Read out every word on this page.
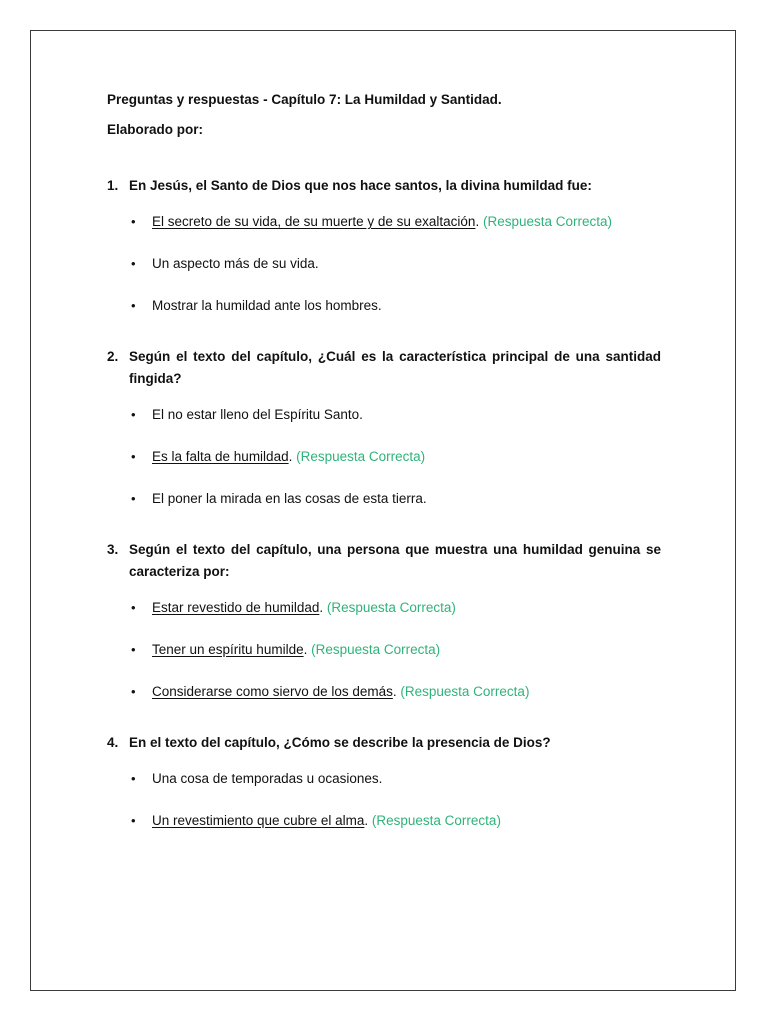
Preguntas y respuestas - Capítulo 7: La Humildad y Santidad.

Elaborado por:

1. En Jesús, el Santo de Dios que nos hace santos, la divina humildad fue:

• El secreto de su vida, de su muerte y de su exaltación. (Respuesta Correcta)
• Un aspecto más de su vida.
• Mostrar la humildad ante los hombres.

2. Según el texto del capítulo, ¿Cuál es la característica principal de una santidad fingida?

• El no estar lleno del Espíritu Santo.
• Es la falta de humildad. (Respuesta Correcta)
• El poner la mirada en las cosas de esta tierra.

3. Según el texto del capítulo, una persona que muestra una humildad genuina se caracteriza por:

• Estar revestido de humildad. (Respuesta Correcta)
• Tener un espíritu humilde. (Respuesta Correcta)
• Considerarse como siervo de los demás. (Respuesta Correcta)

4. En el texto del capítulo, ¿Cómo se describe la presencia de Dios?

• Una cosa de temporadas u ocasiones.
• Un revestimiento que cubre el alma. (Respuesta Correcta)
